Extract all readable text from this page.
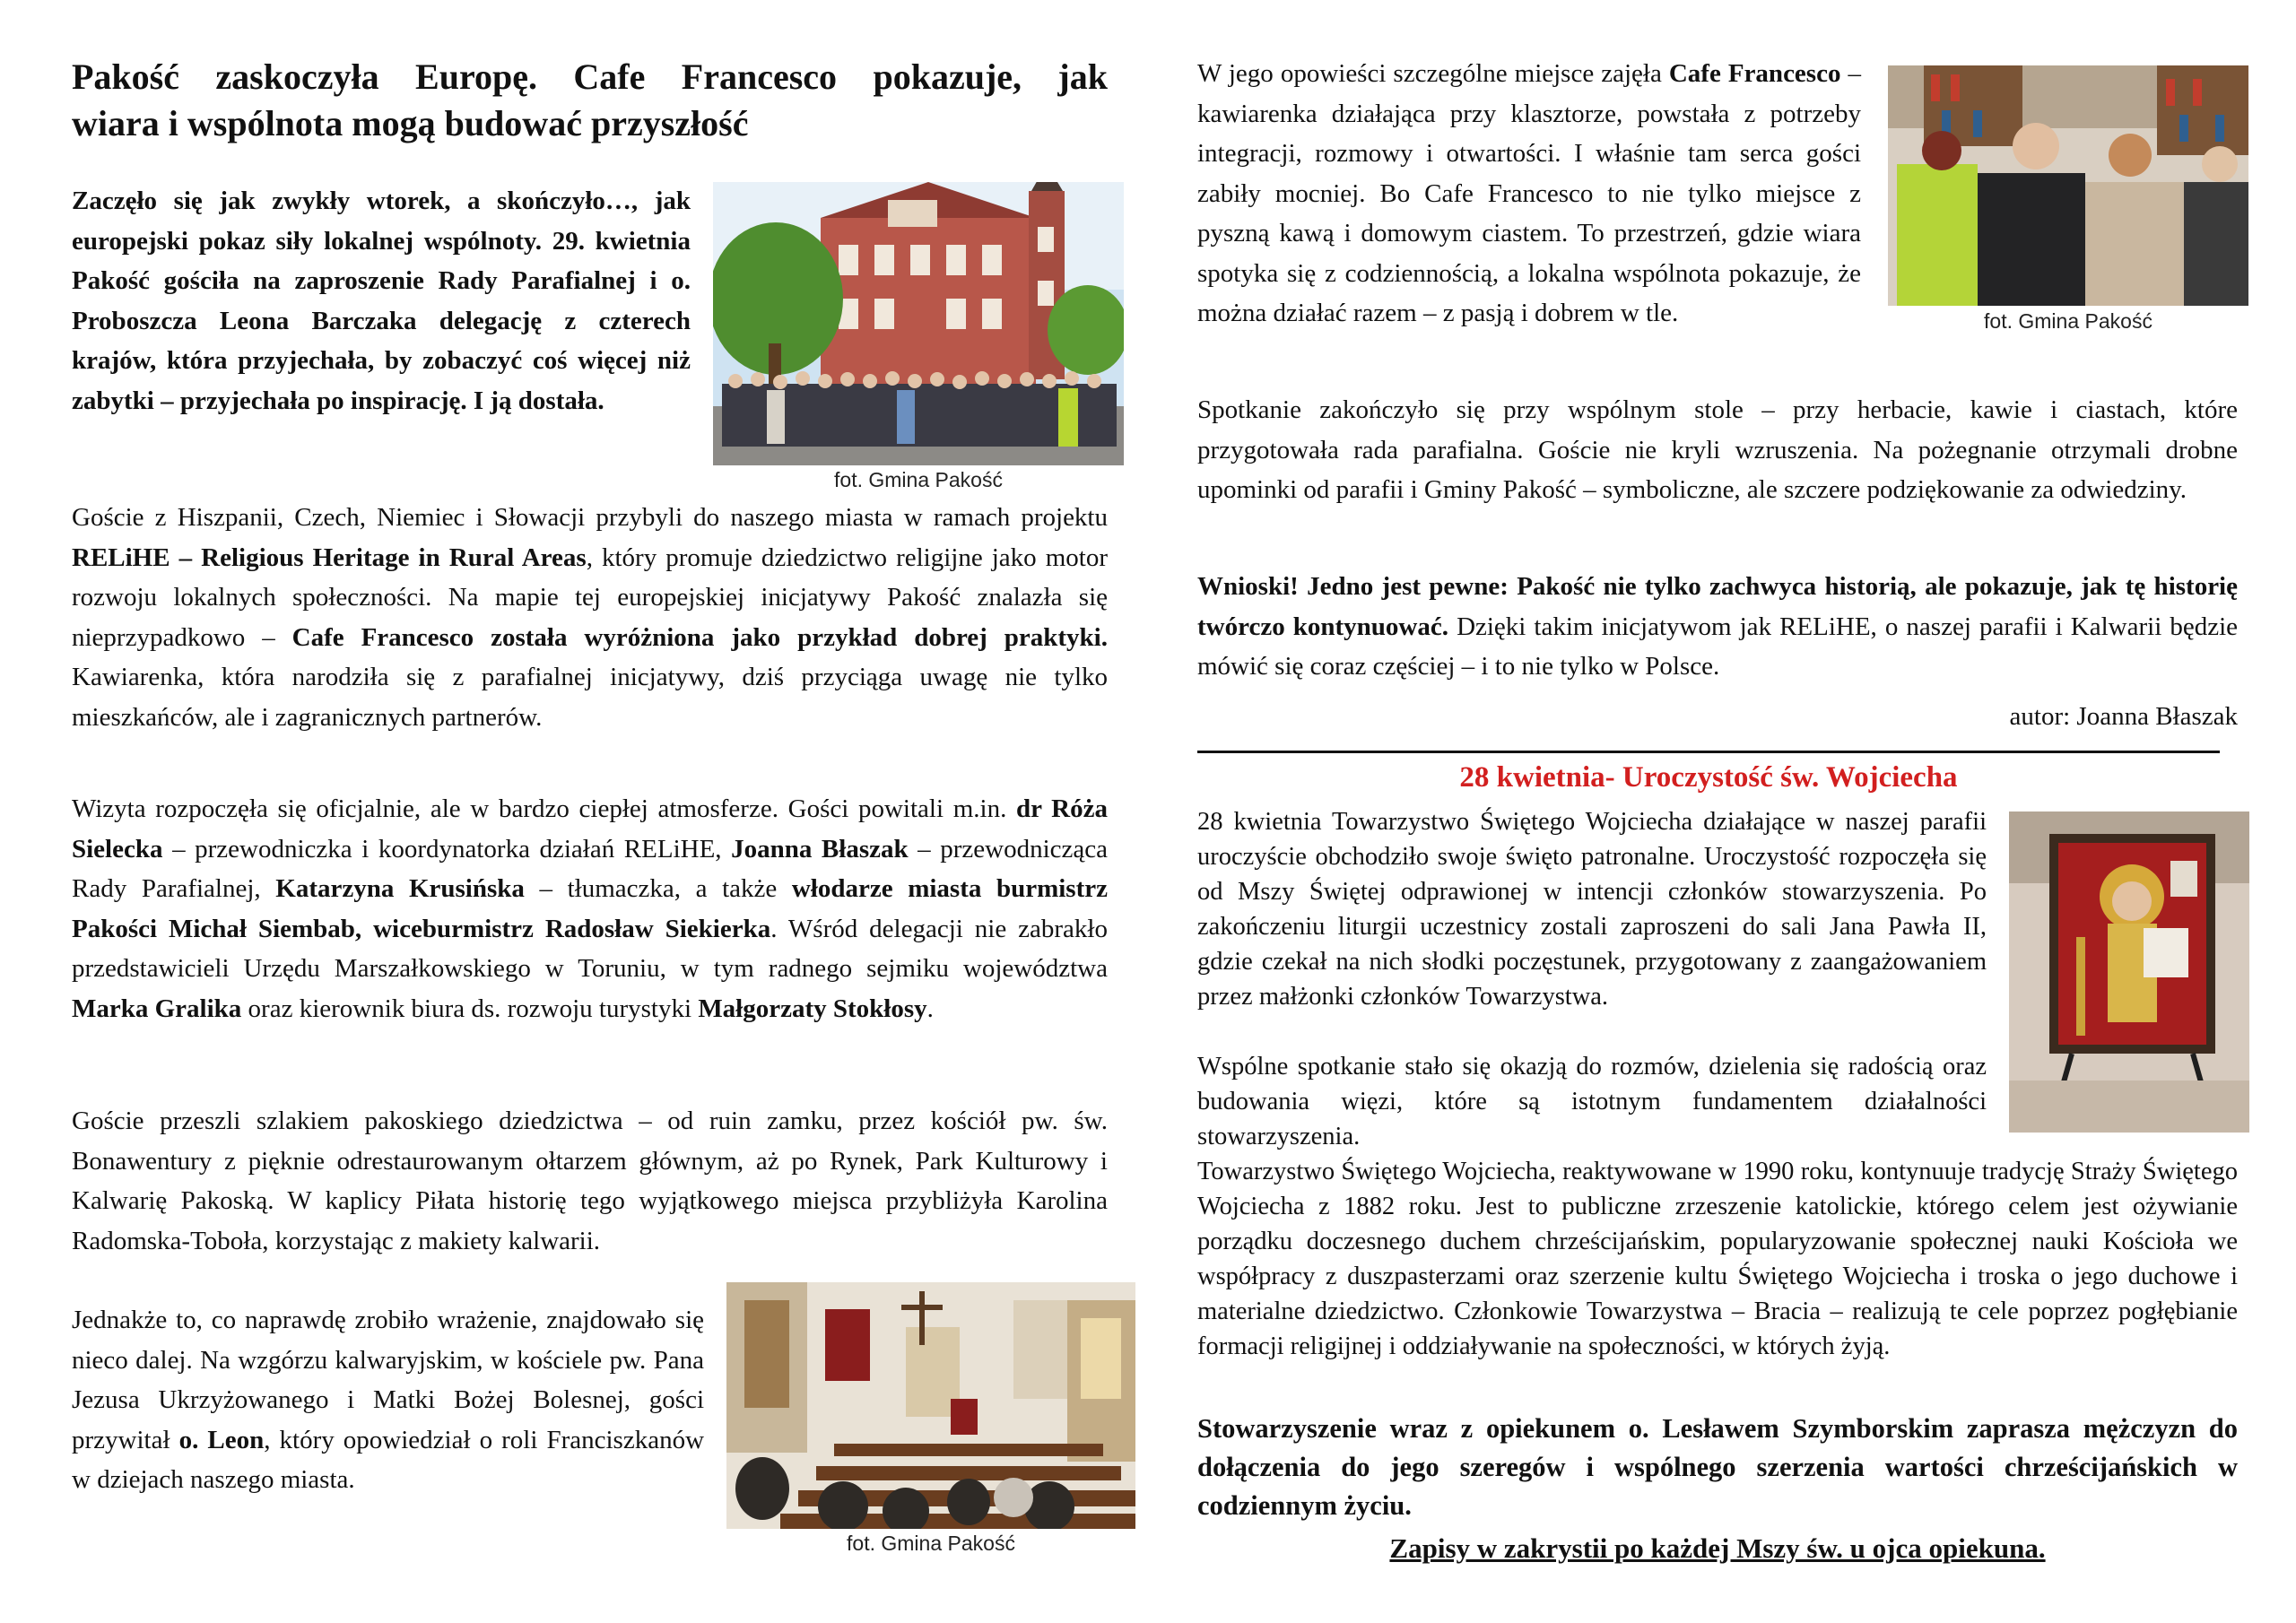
Pakość zaskoczyła Europę. Cafe Francesco pokazuje, jak
wiara i wspólnota mogą budować przyszłość
fot. Gmina Pakość

Zaczęło się jak zwykły wtorek, a skończyło…, jak europejski pokaz siły lokalnej wspólnoty. 29. kwietnia Pakość gościła na zaproszenie Rady Parafialnej i o. Proboszcza Leona Barczaka delegację z czterech krajów, która przyjechała, by zobaczyć coś więcej niż zabytki – przyjechała po inspirację. I ją dostała.

Goście z Hiszpanii, Czech, Niemiec i Słowacji przybyli do naszego miasta w ramach projektu RELiHE – Religious Heritage in Rural Areas, który promuje dziedzictwo religijne jako motor rozwoju lokalnych społeczności. Na mapie tej europejskiej inicjatywy Pakość znalazła się nieprzypadkowo – Cafe Francesco została wyróżniona jako przykład dobrej praktyki. Kawiarenka, która narodziła się z parafialnej inicjatywy, dziś przyciąga uwagę nie tylko mieszkańców, ale i zagranicznych partnerów.

Wizyta rozpoczęła się oficjalnie, ale w bardzo ciepłej atmosferze. Gości powitali m.in. dr Róża Sielecka – przewodniczka i koordynatorka działań RELiHE, Joanna Błaszak – przewodnicząca Rady Parafialnej, Katarzyna Krusińska – tłumaczka, a także włodarze miasta burmistrz Pakości Michał Siembab, wiceburmistrz Radosław Siekierka. Wśród delegacji nie zabrakło przedstawicieli Urzędu Marszałkowskiego w Toruniu, w tym radnego sejmiku województwa Marka Gralika oraz kierownik biura ds. rozwoju turystyki Małgorzaty Stokłosy.

Goście przeszli szlakiem pakoskiego dziedzictwa – od ruin zamku, przez kościół pw. św. Bonawentury z pięknie odrestaurowanym ołtarzem głównym, aż po Rynek, Park Kulturowy i Kalwarię Pakoską. W kaplicy Piłata historię tego wyjątkowego miejsca przybliżyła Karolina Radomska-Toboła, korzystając z makiety kalwarii.

fot. Gmina Pakość

Jednakże to, co naprawdę zrobiło wrażenie, znajdowało się nieco dalej. Na wzgórzu kalwaryjskim, w kościele pw. Pana Jezusa Ukrzyżowanego i Matki Bożej Bolesnej, gości przywitał o. Leon, który opowiedział o roli Franciszkanów w dziejach naszego miasta.

fot. Gmina Pakość

W jego opowieści szczególne miejsce zajęła Cafe Francesco – kawiarenka działająca przy klasztorze, powstała z potrzeby integracji, rozmowy i otwartości. I właśnie tam serca gości zabiły mocniej. Bo Cafe Francesco to nie tylko miejsce z pyszną kawą i domowym ciastem. To przestrzeń, gdzie wiara spotyka się z codziennością, a lokalna wspólnota pokazuje, że można działać razem – z pasją i dobrem w tle.

Spotkanie zakończyło się przy wspólnym stole – przy herbacie, kawie i ciastach, które przygotowała rada parafialna. Goście nie kryli wzruszenia. Na pożegnanie otrzymali drobne upominki od parafii i Gminy Pakość – symboliczne, ale szczere podziękowanie za odwiedziny.

Wnioski! Jedno jest pewne: Pakość nie tylko zachwyca historią, ale pokazuje, jak tę historię twórczo kontynuować. Dzięki takim inicjatywom jak RELiHE, o naszej parafii i Kalwarii będzie mówić się coraz częściej – i to nie tylko w Polsce.

autor: Joanna Błaszak
28 kwietnia- Uroczystość św. Wojciecha
28 kwietnia Towarzystwo Świętego Wojciecha działające w naszej parafii uroczyście obchodziło swoje święto patronalne. Uroczystość rozpoczęła się od Mszy Świętej odprawionej w intencji członków stowarzyszenia. Po zakończeniu liturgii uczestnicy zostali zaproszeni do sali Jana Pawła II, gdzie czekał na nich słodki poczęstunek, przygotowany z zaangażowaniem przez małżonki członków Towarzystwa.
Wspólne spotkanie stało się okazją do rozmów, dzielenia się radością oraz budowania więzi, które są istotnym fundamentem działalności stowarzyszenia.
Towarzystwo Świętego Wojciecha, reaktywowane w 1990 roku, kontynuuje tradycję Straży Świętego Wojciecha z 1882 roku. Jest to publiczne zrzeszenie katolickie, którego celem jest ożywianie porządku doczesnego duchem chrześcijańskim, popularyzowanie społecznej nauki Kościoła we współpracy z duszpasterzami oraz szerzenie kultu Świętego Wojciecha i troska o jego duchowe i materialne dziedzictwo. Członkowie Towarzystwa – Bracia – realizują te cele poprzez pogłębianie formacji religijnej i oddziaływanie na społeczności, w których żyją.

Stowarzyszenie wraz z opiekunem o. Lesławem Szymborskim zaprasza mężczyzn do dołączenia do jego szeregów i wspólnego szerzenia wartości chrześcijańskich w codziennym życiu.

Zapisy w zakrystii po każdej Mszy św. u ojca opiekuna.
